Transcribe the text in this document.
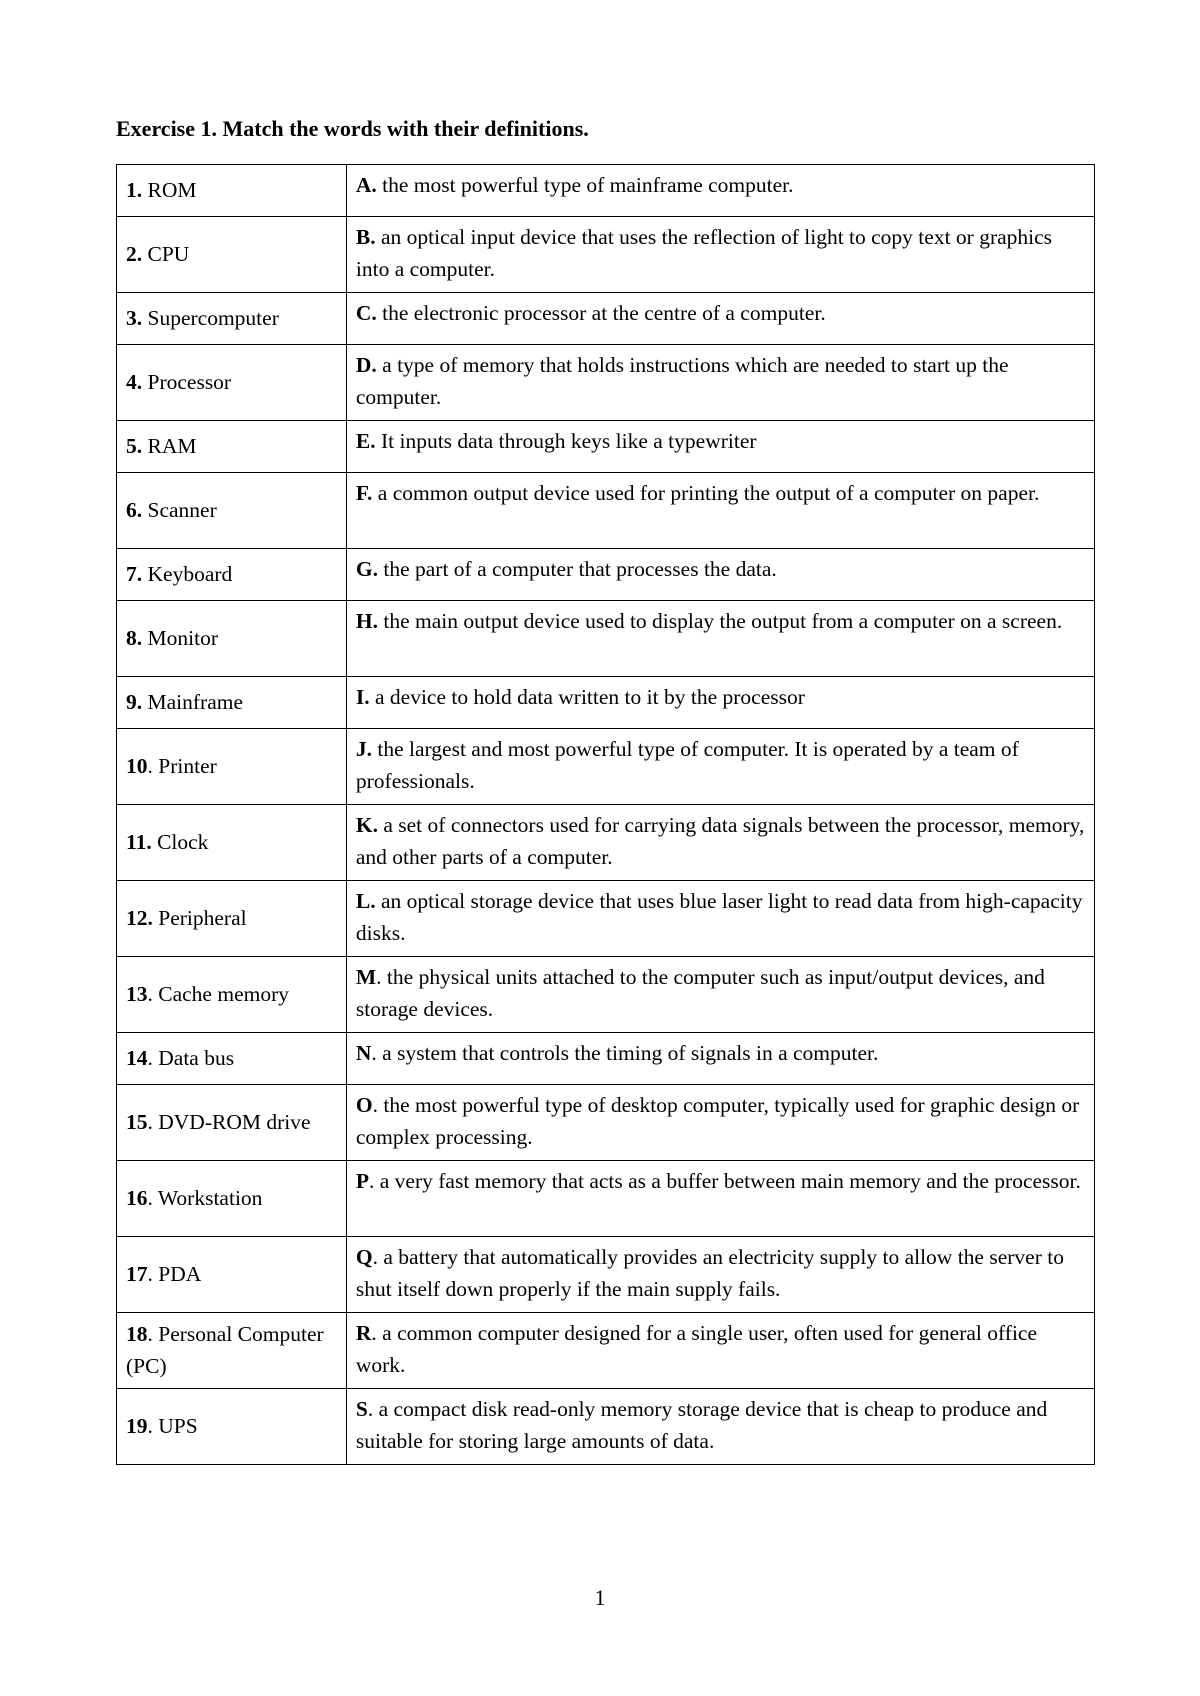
Exercise 1. Match the words with their definitions.
1. ROM	A. the most powerful type of mainframe computer.
2. CPU	B. an optical input device that uses the reflection of light to copy text or graphics into a computer.
3. Supercomputer	C. the electronic processor at the centre of a computer.
4. Processor	D. a type of memory that holds instructions which are needed to start up the computer.
5. RAM	E. It inputs data through keys like a typewriter
6. Scanner	F. a common output device used for printing the output of a computer on paper.
7. Keyboard	G. the part of a computer that processes the data.
8. Monitor	H. the main output device used to display the output from a computer on a screen.
9. Mainframe	I. a device to hold data written to it by the processor
10. Printer	J. the largest and most powerful type of computer. It is operated by a team of professionals.
11. Clock	K. a set of connectors used for carrying data signals between the processor, memory, and other parts of a computer.
12. Peripheral	L. an optical storage device that uses blue laser light to read data from high-capacity disks.
13. Cache memory	M. the physical units attached to the computer such as input/output devices, and storage devices.
14. Data bus	N. a system that controls the timing of signals in a computer.
15. DVD-ROM drive	O. the most powerful type of desktop computer, typically used for graphic design or complex processing.
16. Workstation	P. a very fast memory that acts as a buffer between main memory and the processor.
17. PDA	Q. a battery that automatically provides an electricity supply to allow the server to shut itself down properly if the main supply fails.
18. Personal Computer (PC)	R. a common computer designed for a single user, often used for general office work.
19. UPS	S. a compact disk read-only memory storage device that is cheap to produce and suitable for storing large amounts of data.
1
